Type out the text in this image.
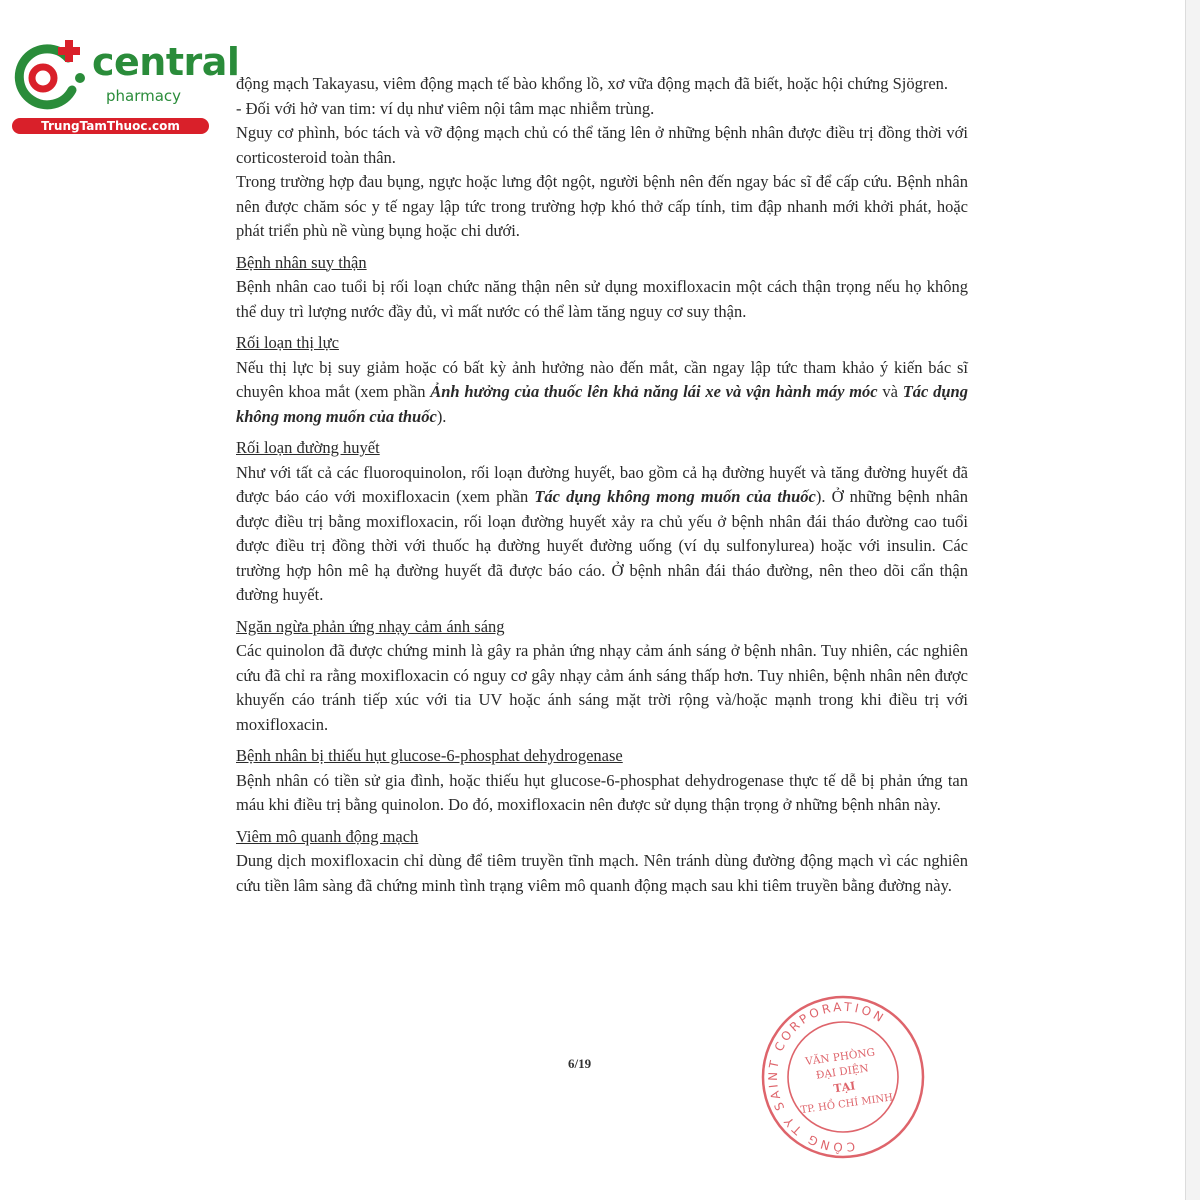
central
pharmacy
TrungTamThuoc.com

động mạch Takayasu, viêm động mạch tế bào khổng lồ, xơ vữa động mạch đã biết, hoặc hội chứng Sjögren.

- Đối với hở van tim: ví dụ như viêm nội tâm mạc nhiễm trùng.

Nguy cơ phình, bóc tách và vỡ động mạch chủ có thể tăng lên ở những bệnh nhân được điều trị đồng thời với corticosteroid toàn thân.

Trong trường hợp đau bụng, ngực hoặc lưng đột ngột, người bệnh nên đến ngay bác sĩ để cấp cứu. Bệnh nhân nên được chăm sóc y tế ngay lập tức trong trường hợp khó thở cấp tính, tim đập nhanh mới khởi phát, hoặc phát triển phù nề vùng bụng hoặc chi dưới.

Bệnh nhân suy thận

Bệnh nhân cao tuổi bị rối loạn chức năng thận nên sử dụng moxifloxacin một cách thận trọng nếu họ không thể duy trì lượng nước đầy đủ, vì mất nước có thể làm tăng nguy cơ suy thận.

Rối loạn thị lực

Nếu thị lực bị suy giảm hoặc có bất kỳ ảnh hưởng nào đến mắt, cần ngay lập tức tham khảo ý kiến bác sĩ chuyên khoa mắt (xem phần Ảnh hưởng của thuốc lên khả năng lái xe và vận hành máy móc và Tác dụng không mong muốn của thuốc).

Rối loạn đường huyết

Như với tất cả các fluoroquinolon, rối loạn đường huyết, bao gồm cả hạ đường huyết và tăng đường huyết đã được báo cáo với moxifloxacin (xem phần Tác dụng không mong muốn của thuốc). Ở những bệnh nhân được điều trị bằng moxifloxacin, rối loạn đường huyết xảy ra chủ yếu ở bệnh nhân đái tháo đường cao tuổi được điều trị đồng thời với thuốc hạ đường huyết đường uống (ví dụ sulfonylurea) hoặc với insulin. Các trường hợp hôn mê hạ đường huyết đã được báo cáo. Ở bệnh nhân đái tháo đường, nên theo dõi cẩn thận đường huyết.

Ngăn ngừa phản ứng nhạy cảm ánh sáng

Các quinolon đã được chứng minh là gây ra phản ứng nhạy cảm ánh sáng ở bệnh nhân. Tuy nhiên, các nghiên cứu đã chỉ ra rằng moxifloxacin có nguy cơ gây nhạy cảm ánh sáng thấp hơn. Tuy nhiên, bệnh nhân nên được khuyến cáo tránh tiếp xúc với tia UV hoặc ánh sáng mặt trời rộng và/hoặc mạnh trong khi điều trị với moxifloxacin.

Bệnh nhân bị thiếu hụt glucose-6-phosphat dehydrogenase

Bệnh nhân có tiền sử gia đình, hoặc thiếu hụt glucose-6-phosphat dehydrogenase thực tế dễ bị phản ứng tan máu khi điều trị bằng quinolon. Do đó, moxifloxacin nên được sử dụng thận trọng ở những bệnh nhân này.

Viêm mô quanh động mạch

Dung dịch moxifloxacin chỉ dùng để tiêm truyền tĩnh mạch. Nên tránh dùng đường động mạch vì các nghiên cứu tiền lâm sàng đã chứng minh tình trạng viêm mô quanh động mạch sau khi tiêm truyền bằng đường này.

6/19
CÔNG TY SAINT CORPORATION
VĂN PHÒNG
ĐẠI DIỆN
TẠI
TP. HỒ CHÍ MINH
